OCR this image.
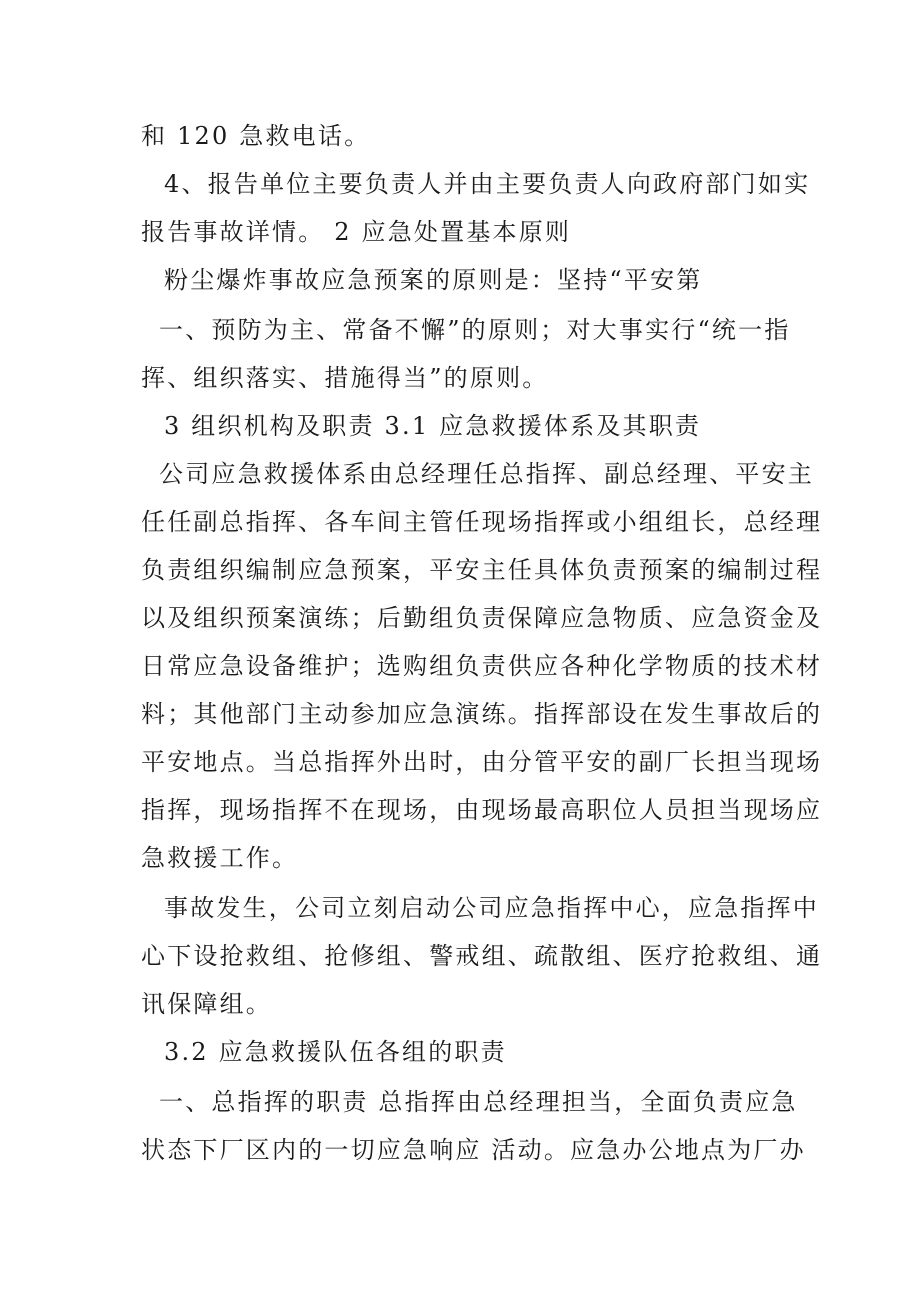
和 120 急救电话。
4、报告单位主要负责人并由主要负责人向政府部门如实
报告事故详情。 2 应急处置基本原则
粉尘爆炸事故应急预案的原则是：坚持“平安第
一、预防为主、常备不懈”的原则；对大事实行“统一指
挥、组织落实、措施得当”的原则。
3 组织机构及职责 3.1 应急救援体系及其职责
公司应急救援体系由总经理任总指挥、副总经理、平安主
任任副总指挥、各车间主管任现场指挥或小组组长，总经理
负责组织编制应急预案，平安主任具体负责预案的编制过程
以及组织预案演练；后勤组负责保障应急物质、应急资金及
日常应急设备维护；选购组负责供应各种化学物质的技术材
料；其他部门主动参加应急演练。指挥部设在发生事故后的
平安地点。当总指挥外出时，由分管平安的副厂长担当现场
指挥，现场指挥不在现场，由现场最高职位人员担当现场应
急救援工作。
事故发生，公司立刻启动公司应急指挥中心，应急指挥中
心下设抢救组、抢修组、警戒组、疏散组、医疗抢救组、通
讯保障组。
3.2 应急救援队伍各组的职责
一、总指挥的职责 总指挥由总经理担当，全面负责应急
状态下厂区内的一切应急响应 活动。应急办公地点为厂办
